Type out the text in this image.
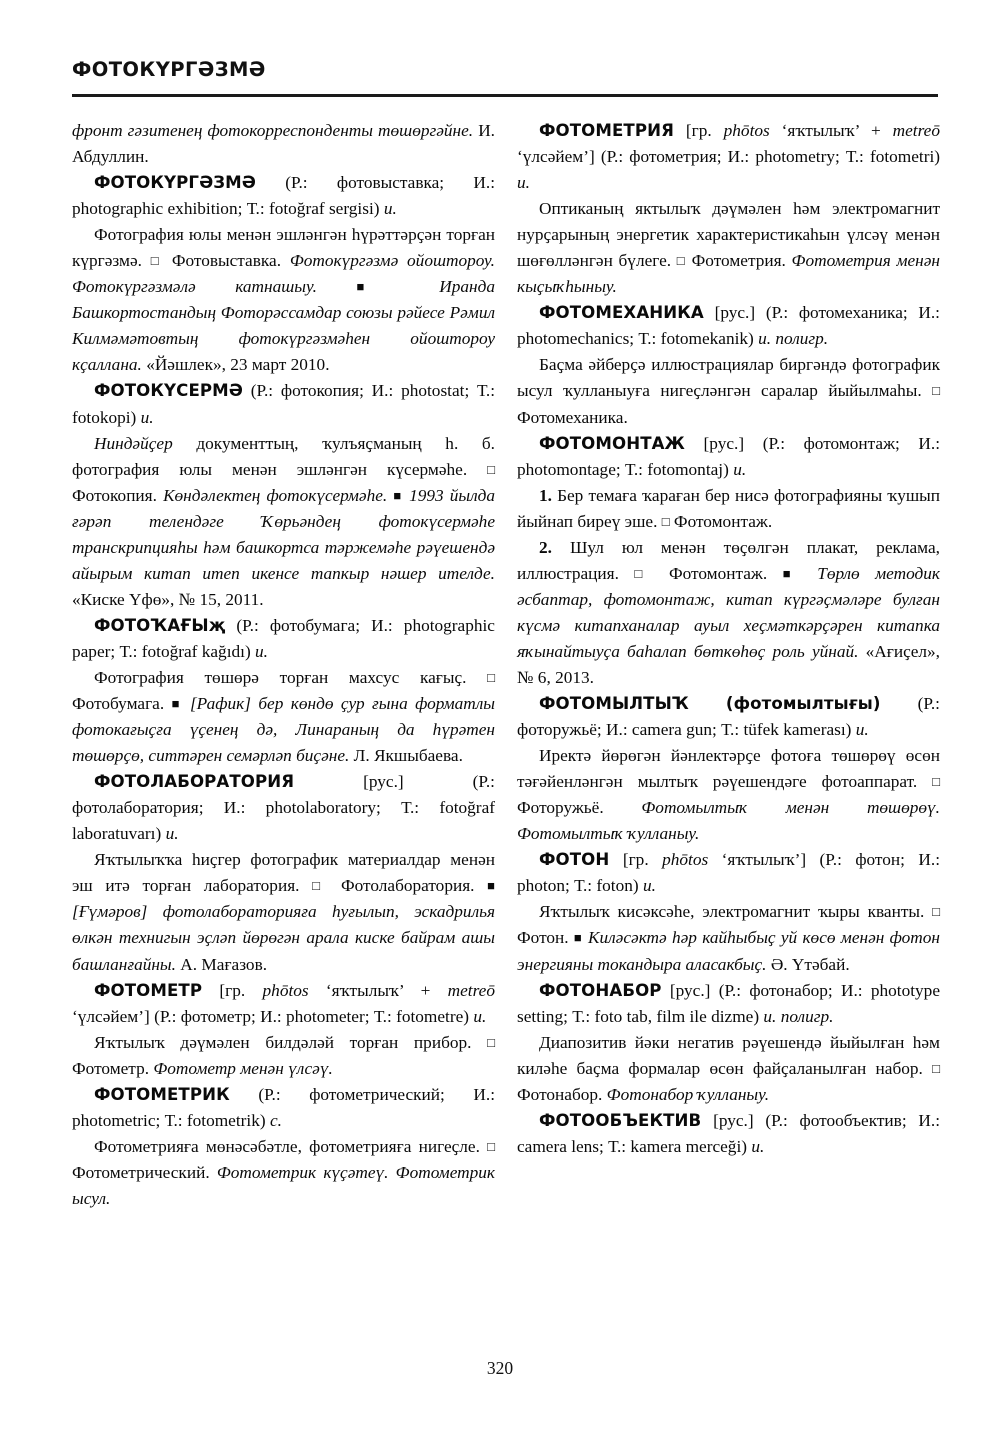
ФОТОКҮРГӘЗМӘ

фронт гәзитенең фотокорреспонденты төшөргәйне. И. Абдуллин.

ФОТОКҮРГӘЗМӘ (Р.: фотовыставка; И.: photographic exhibition; Т.: fotoğraf sergisi) u.

Фотография юлы менән эшләнгән һүрәттәрҫән торған күргәзмә. □ Фотовыставка. Фотокүргәзмә ойоштороу. Фотокүргәзмәлә катнашыу. ■	Иранда Башкортостандың Фоторәссамдар союзы рәйесе Рәмил Килмәмәтовтың фотокүргәзмәһен ойоштороу кҫаллана. «Йәшлек», 23 март 2010.

ФОТОКҮСЕРМӘ (Р.: фотокопия; И.: photostat; Т.: fotokopi) u.

Ниндәйҫер документтың, ҡулъяҫманың һ. б. фотография юлы менән эшләнгән күсермәһе. □ Фотокопия. Көндәлектең фотокүсермәһе. ■ 1993 йылда ғәрәп телендәге Ҡөрьәндең фотокүсермәһе транскрипцияһы һәм башкортса тәржемәһе рәүешендә айырым китап итеп икенсе тапкыр нәшер ителде. «Киске Үфө», № 15, 2011.

ФОТОҠАҒЫҗ (Р.: фотобумага; И.: photographic paper; Т.: fotoğraf kağıdı) u.

Фотография төшөрә торған махсус кағыҫ. □ Фотобумага. ■ [Рафик] бер көндө ҫур ғына форматлы фотокағыҫға үҫенең дә, Линараның да һүрәтен төшөрҫө, ситтәрен семәрләп биҫәне. Л. Якшыбаева.

ФОТОЛАБОРАТОРИЯ	[рус.]	(Р.: фотолаборатория; И.: photolaboratory; Т.: fotoğraf laboratuvarı) u.

Яҡтылыҡҡа һиҫгер фотографик материалдар менән эш итә торған лаборатория. □ Фотолаборатория. ■ [Ғүмәров] фотолабораторияға һуғылып, эскадрилья өлкән технигын эҫләп йөрөгән арала киске байрам ашы башланғайны. А. Мағазов.

ФОТОМЕТР [гр. phōtos ‘яҡтылыҡ’ + metreō ‘үлсәйем’] (Р.: фотометр; И.: photometer; Т.: fotometre) u.

Яҡтылыҡ дәүмәлен билдәләй торған прибор. □ Фотометр. Фотометр менән үлсәү.

ФОТОМЕТРИК (Р.: фотометрический; И.: photometric; Т.: fotometrik) c.

Фотометрияға мөнәсәбәтле, фотометрияға нигеҫле. □ Фотометрический. Фотометрик күҫәтеү. Фотометрик ысул.

ФОТОМЕТРИЯ [гр. phōtos ‘яҡтылыҡ’ + metreō ‘үлсәйем’] (Р.: фотометрия; И.: photometry; Т.: fotometri) u.

Оптиканың яктылыҡ дәүмәлен һәм электромагнит нурҫарының энергетик характеристикаһын үлсәү менән шөғөлләнгән бүлеге. □ Фотометрия. Фотометрия менән кыҫыҡһыныу.

ФОТОМЕХАНИКА [рус.] (Р.: фотомеханика; И.: photomechanics; Т.: fotomekanik) u. полигр.

Баҫма әйберҫә иллюстрациялар биргәндә фотографик ысул ҡулланыуға нигеҫләнгән саралар йыйылмаһы. □ Фотомеханика.

ФОТОМОНТАЖ [рус.] (Р.: фотомонтаж; И.: photomontage; Т.: fotomontaj) u.

1. Бер темаға ҡараған бер нисә фотографияны ҡушып йыйнап биреү эше. □ Фотомонтаж.

2. Шул юл менән төҫөлгән плакат, реклама, иллюстрация. □	Фотомонтаж. ■	Төрлө методик әсбаптар, фотомонтаж, китап күргәҫмәләре булған күсмә китапханалар ауыл хеҫмәткәрҫәрен китапка яҡынайтыуҫа баһалап бөткөһөҫ роль уйнай. «Ағиҫел», № 6, 2013.

ФОТОМЫЛТЫҠ (фотомылтығы) (Р.: фоторужьё; И.: camera gun; Т.: tüfek kamerası) u.

Иректә йөрөгән йәнлектәрҫе фотоға төшөрөү өсөн тәғәйенләнгән мылтыҡ рәүешендәге фотоаппарат. □ Фоторужьё. Фотомылтыҡ менән төшөрөү. Фотомылтыҡ ҡулланыу.

ФОТОН [гр. phōtos ‘яҡтылыҡ’] (Р.: фотон; И.: photon; Т.: foton) u.

Яҡтылыҡ кисәксәһе, электромагнит ҡыры кванты. □ Фотон. ■ Киләсәктә һәр кайһыбыҫ уй көсө менән фотон энергияны токандыра аласакбыҫ. Ә. Үтәбай.

ФОТОНАБОР [рус.] (Р.: фотонабор; И.: phototype setting; Т.: foto tab, film ile dizme) u. полигр.

Диапозитив йәки негатив рәүешендә йыйылған һәм киләһе баҫма формалар өсөн файҫаланылған набор. □ Фотонабор. Фотонабор ҡулланыу.

ФОТООБЪЕКТИВ [рус.] (Р.: фотообъектив; И.: camera lens; Т.: kamera merceği) u.

320
